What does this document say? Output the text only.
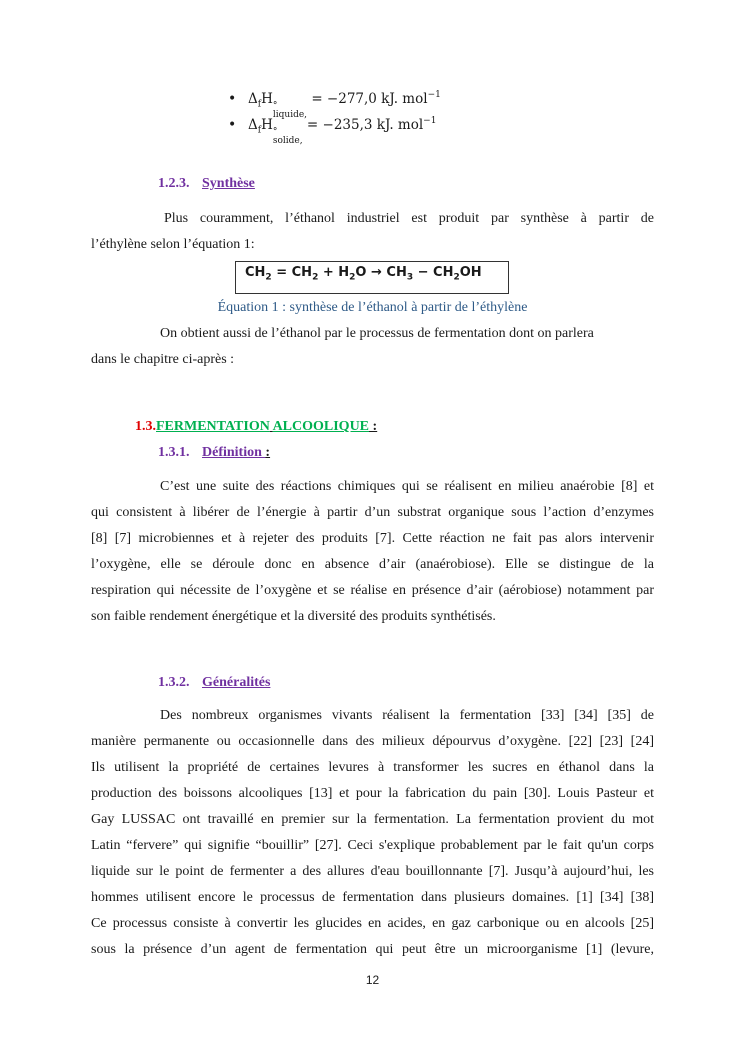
• $\Delta_fH$ °
liquide,
= −277,0 kJ. mol$^{-1}$
• $\Delta_fH$ °
solide,
= −235,3 kJ. mol$^{-1}$
1.2.3. Synthèse
Plus couramment, l’éthanol industriel est produit par synthèse à partir de
l’éthylène selon l’équation 1:
$CH_2 = CH_2 + H_2O \to CH_3 - CH_2OH$
Équation 1 : synthèse de l’éthanol à partir de l’éthylène
On obtient aussi de l’éthanol par le processus de fermentation dont on parlera
dans le chapitre ci-après :
1.3.FERMENTATION ALCOOLIQUE :
1.3.1. Définition :
C’est une suite des réactions chimiques qui se réalisent en milieu anaérobie [8] et
qui consistent à libérer de l’énergie à partir d’un substrat organique sous l’action d’enzymes
[8] [7] microbiennes et à rejeter des produits [7]. Cette réaction ne fait pas alors intervenir
l’oxygène, elle se déroule donc en absence d’air (anaérobiose). Elle se distingue de la
respiration qui nécessite de l’oxygène et se réalise en présence d’air (aérobiose) notamment par
son faible rendement énergétique et la diversité des produits synthétisés.
1.3.2. Généralités
Des nombreux organismes vivants réalisent la fermentation [33] [34] [35] de
manière permanente ou occasionnelle dans des milieux dépourvus d’oxygène. [22] [23] [24]
Ils utilisent la propriété de certaines levures à transformer les sucres en éthanol dans la
production des boissons alcooliques [13] et pour la fabrication du pain [30]. Louis Pasteur et
Gay LUSSAC ont travaillé en premier sur la fermentation. La fermentation provient du mot
Latin “fervere” qui signifie “bouillir” [27]. Ceci s'explique probablement par le fait qu'un corps
liquide sur le point de fermenter a des allures d'eau bouillonnante [7]. Jusqu’à aujourd’hui, les
hommes utilisent encore le processus de fermentation dans plusieurs domaines. [1] [34] [38]
Ce processus consiste à convertir les glucides en acides, en gaz carbonique ou en alcools [25]
sous la présence d’un agent de fermentation qui peut être un microorganisme [1] (levure,
12
